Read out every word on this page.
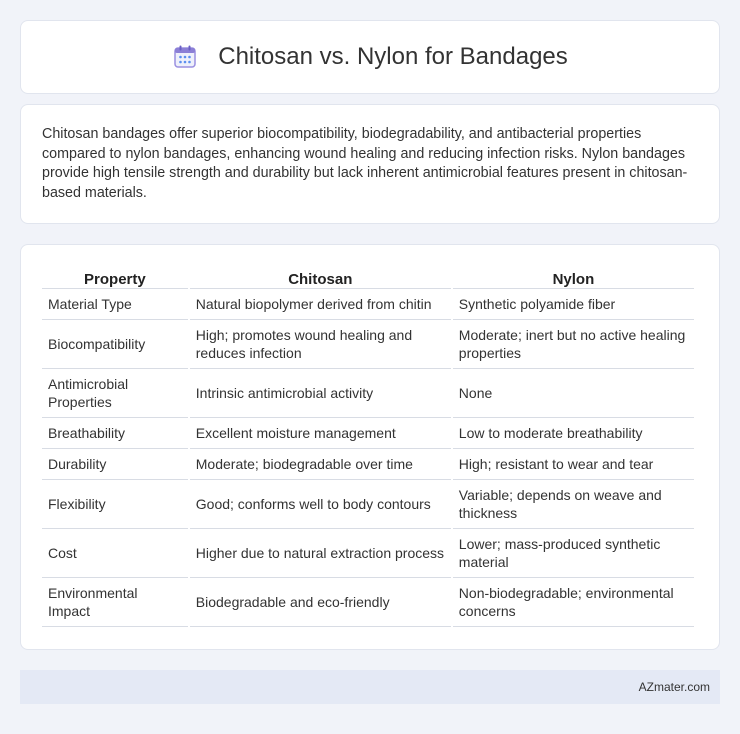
Chitosan vs. Nylon for Bandages

Chitosan bandages offer superior biocompatibility, biodegradability, and antibacterial properties compared to nylon bandages, enhancing wound healing and reducing infection risks. Nylon bandages provide high tensile strength and durability but lack inherent antimicrobial features present in chitosan-based materials.

Property	Chitosan	Nylon
Material Type	Natural biopolymer derived from chitin	Synthetic polyamide fiber
Biocompatibility	High; promotes wound healing and reduces infection	Moderate; inert but no active healing properties
Antimicrobial Properties	Intrinsic antimicrobial activity	None
Breathability	Excellent moisture management	Low to moderate breathability
Durability	Moderate; biodegradable over time	High; resistant to wear and tear
Flexibility	Good; conforms well to body contours	Variable; depends on weave and thickness
Cost	Higher due to natural extraction process	Lower; mass-produced synthetic material
Environmental Impact	Biodegradable and eco-friendly	Non-biodegradable; environmental concerns
AZmater.com
